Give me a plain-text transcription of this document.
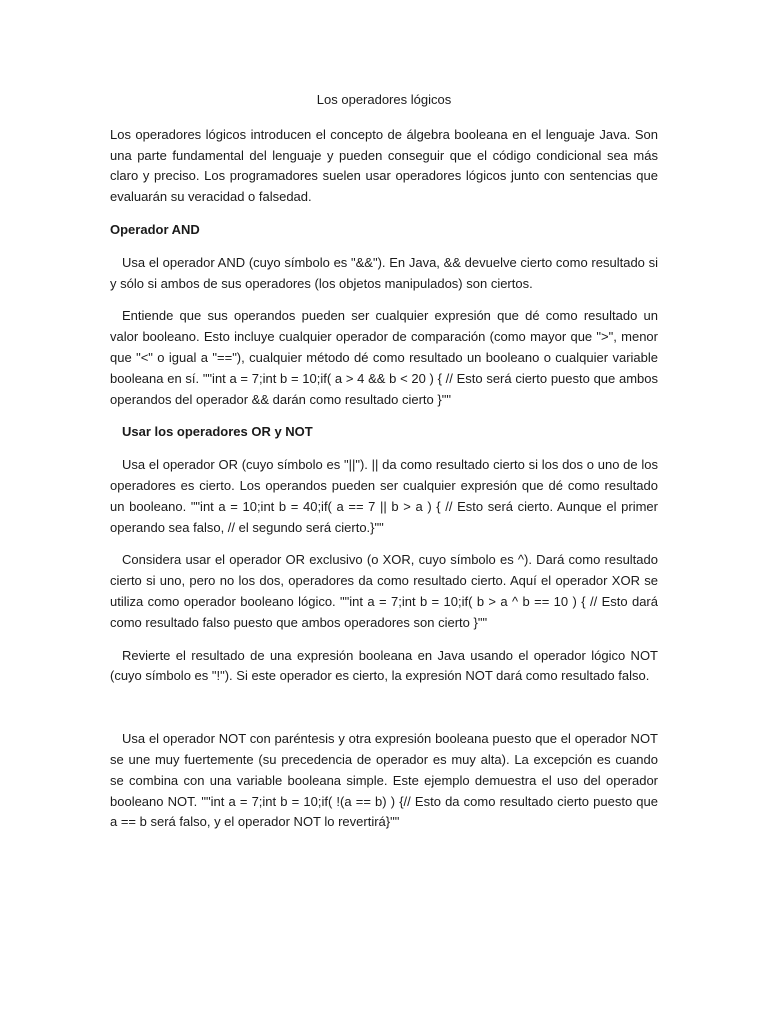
Los operadores lógicos

Los operadores lógicos introducen el concepto de álgebra booleana en el lenguaje Java. Son una parte fundamental del lenguaje y pueden conseguir que el código condicional sea más claro y preciso. Los programadores suelen usar operadores lógicos junto con sentencias que evaluarán su veracidad o falsedad.

Operador AND

Usa el operador AND (cuyo símbolo es "&&"). En Java, && devuelve cierto como resultado si y sólo si ambos de sus operadores (los objetos manipulados) son ciertos.

Entiende que sus operandos pueden ser cualquier expresión que dé como resultado un valor booleano. Esto incluye cualquier operador de comparación (como mayor que ">", menor que "<" o igual a "=="), cualquier método dé como resultado un booleano o cualquier variable booleana en sí. ""int a = 7;int b = 10;if( a > 4 && b < 20 ) { // Esto será cierto puesto que ambos operandos del operador && darán como resultado cierto }""

Usar los operadores OR y NOT

Usa el operador OR (cuyo símbolo es "||"). || da como resultado cierto si los dos o uno de los operadores es cierto. Los operandos pueden ser cualquier expresión que dé como resultado un booleano. ""int a = 10;int b = 40;if( a == 7 || b > a ) { // Esto será cierto. Aunque el primer operando sea falso, // el segundo será cierto.}""

Considera usar el operador OR exclusivo (o XOR, cuyo símbolo es ^). Dará como resultado cierto si uno, pero no los dos, operadores da como resultado cierto. Aquí el operador XOR se utiliza como operador booleano lógico. ""int a = 7;int b = 10;if( b > a ^ b == 10 ) { // Esto dará como resultado falso puesto que ambos operadores son cierto }""

Revierte el resultado de una expresión booleana en Java usando el operador lógico NOT (cuyo símbolo es "!"). Si este operador es cierto, la expresión NOT dará como resultado falso.

Usa el operador NOT con paréntesis y otra expresión booleana puesto que el operador NOT se une muy fuertemente (su precedencia de operador es muy alta). La excepción es cuando se combina con una variable booleana simple. Este ejemplo demuestra el uso del operador booleano NOT. ""int a = 7;int b = 10;if( !(a == b) ) {// Esto da como resultado cierto puesto que a == b será falso, y el operador NOT lo revertirá}""
